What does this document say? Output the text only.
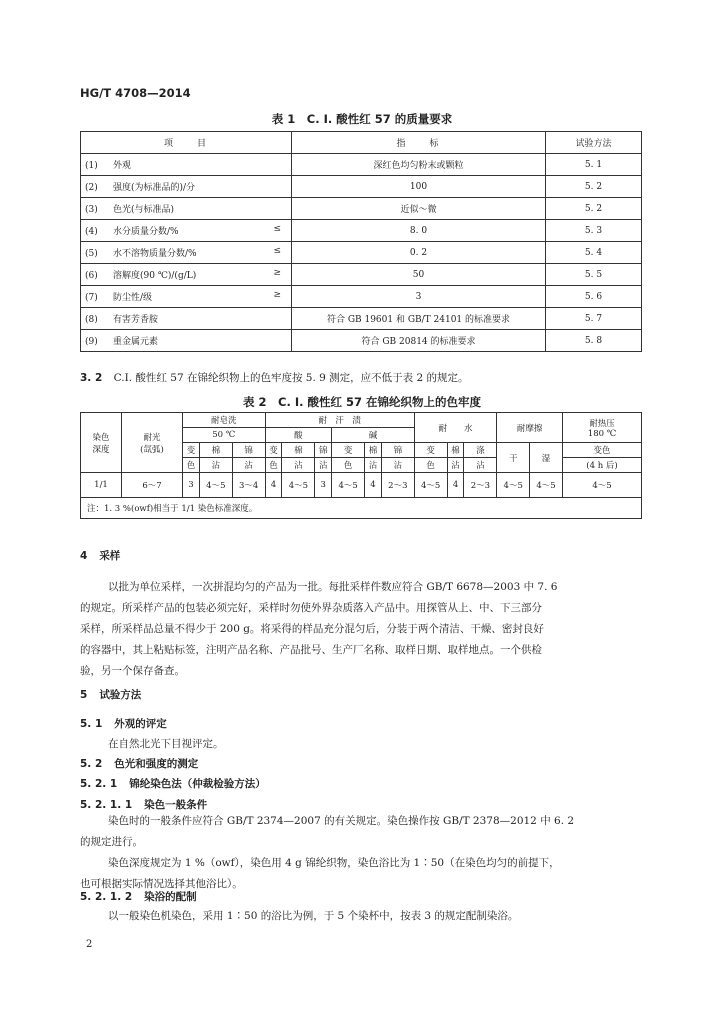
HG/T 4708—2014
表 1　C. I. 酸性红 57 的质量要求
项　　目	指　　标	试验方法
(1) 外观	深红色均匀粉末或颗粒	5. 1
(2) 强度(为标准品的)/分	100	5. 2
(3) 色光(与标准品)	近似～微	5. 2
(4) 水分质量分数/% ≤	8. 0	5. 3
(5) 水不溶物质量分数/% ≤	0. 2	5. 4
(6) 溶解度(90 ℃)/(g/L) ≥	50	5. 5
(7) 防尘性/级 ≥	3	5. 6
(8) 有害芳香胺	符合 GB 19601 和 GB/T 24101 的标准要求	5. 7
(9) 重金属元素	符合 GB 20814 的标准要求	5. 8
3. 2 C.I. 酸性红 57 在锦纶织物上的色牢度按 5. 9 测定，应不低于表 2 的规定。
表 2　C. I. 酸性红 57 在锦纶织物上的色牢度
染色
深度	耐光
(氙弧)	耐皂洗			耐　汗　渍						耐　　水			耐摩擦		耐热压
180 ℃
		50 ℃			酸			碱								
		变	棉	锦	变	棉	锦	变	棉	锦	变	棉	涤	干	湿	变色
		色	沾	沾	色	沾	沾	色	沾	沾	色	沾	沾			(4 h 后)
1/1	6～7	3	4～5	3～4	4	4～5	3	4～5	4	2～3	4～5	4	2～3	4～5	4～5	4～5
注：1. 3 %(owf)相当于 1/1 染色标准深度。																
4 采样
以批为单位采样，一次拼混均匀的产品为一批。每批采样件数应符合 GB/T 6678—2003 中 7. 6
的规定。所采样产品的包装必须完好，采样时勿使外界杂质落入产品中。用探管从上、中、下三部分
采样，所采样品总量不得少于 200 g。将采得的样品充分混匀后，分装于两个清洁、干燥、密封良好
的容器中，其上粘贴标签，注明产品名称、产品批号、生产厂名称、取样日期、取样地点。一个供检
验，另一个保存备查。
5 试验方法
5. 1 外观的评定
在自然北光下目视评定。
5. 2 色光和强度的测定
5. 2. 1 锦纶染色法（仲裁检验方法）
5. 2. 1. 1 染色一般条件
染色时的一般条件应符合 GB/T 2374—2007 的有关规定。染色操作按 GB/T 2378—2012 中 6. 2
的规定进行。
染色深度规定为 1 %（owf），染色用 4 g 锦纶织物，染色浴比为 1∶50（在染色均匀的前提下，
也可根据实际情况选择其他浴比）。
5. 2. 1. 2 染浴的配制
以一般染色机染色，采用 1∶50 的浴比为例，于 5 个染杯中，按表 3 的规定配制染浴。
2
